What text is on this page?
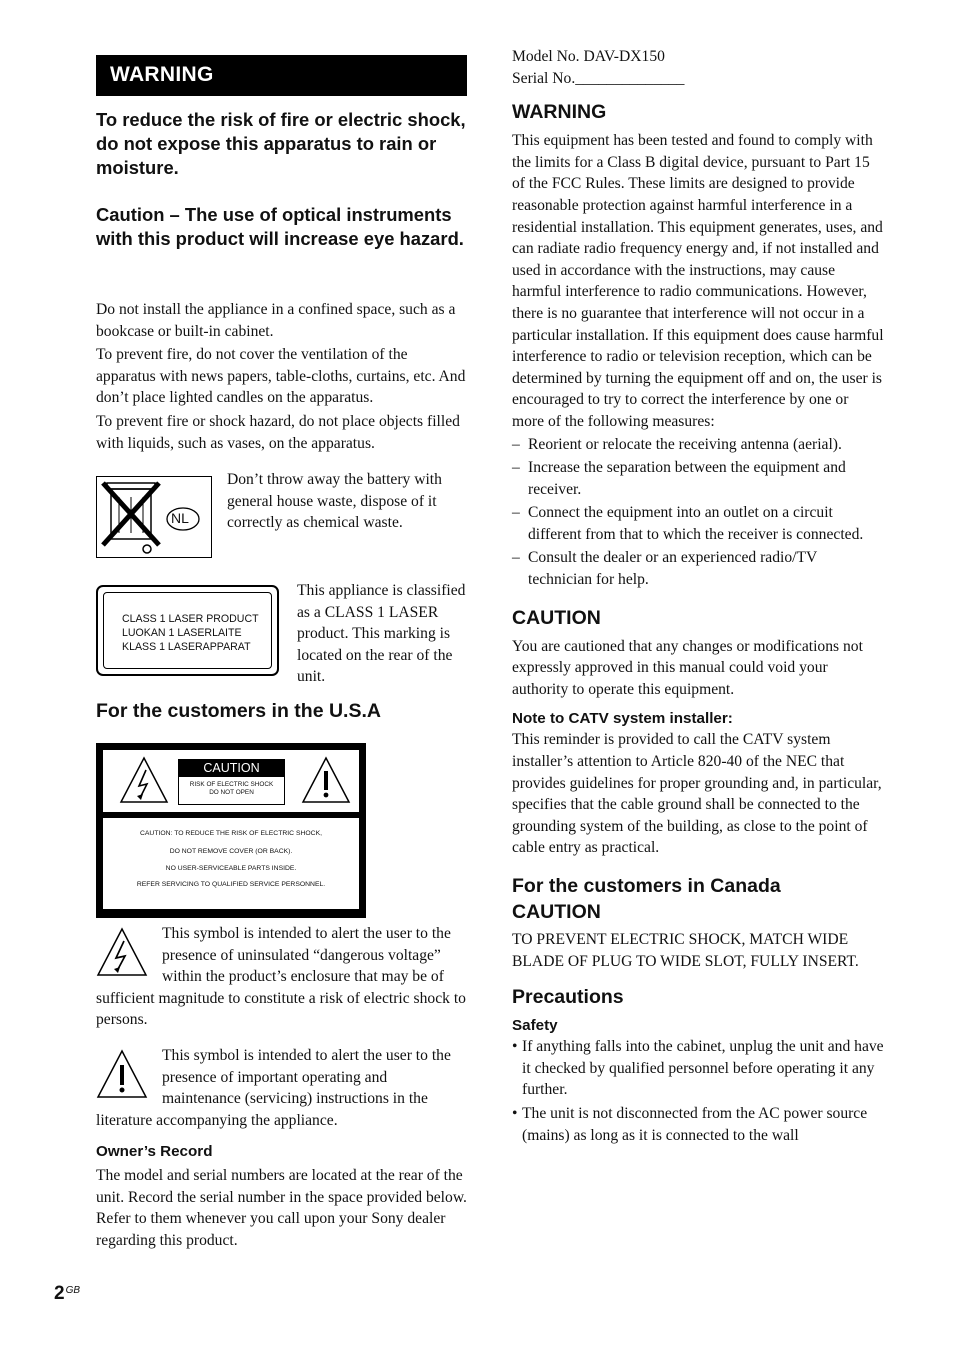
WARNING

To reduce the risk of fire or electric shock, do not expose this apparatus to rain or moisture.

Caution – The use of optical instruments with this product will increase eye hazard.

Do not install the appliance in a confined space, such as a bookcase or built-in cabinet.

To prevent fire, do not cover the ventilation of the apparatus with news papers, table-cloths, curtains, etc. And don’t place lighted candles on the apparatus.

To prevent fire or shock hazard, do not place objects filled with liquids, such as vases, on the apparatus.

NL

Don’t throw away the battery with general house waste, dispose of it correctly as chemical waste.

CLASS 1 LASER PRODUCT
LUOKAN 1 LASERLAITE
KLASS 1 LASERAPPARAT

This appliance is classified as a CLASS 1 LASER product. This marking is located on the rear of the unit.

For the customers in the U.S.A
CAUTION
RISK OF ELECTRIC SHOCK
DO NOT OPEN
CAUTION: TO REDUCE THE RISK OF ELECTRIC SHOCK,
DO NOT REMOVE COVER (OR BACK).
NO USER-SERVICEABLE PARTS INSIDE.
REFER SERVICING TO QUALIFIED SERVICE PERSONNEL.

This symbol is intended to alert the user to the presence of uninsulated “dangerous voltage” within the product’s enclosure that may be of sufficient magnitude to constitute a risk of electric shock to persons.

This symbol is intended to alert the user to the presence of important operating and maintenance (servicing) instructions in the literature accompanying the appliance.

Owner’s Record

The model and serial numbers are located at the rear of the unit. Record the serial number in the space provided below. Refer to them whenever you call upon your Sony dealer regarding this product.

$2^{GB}$

Model No. DAV-DX150

Serial No.______________

WARNING

This equipment has been tested and found to comply with the limits for a Class B digital device, pursuant to Part 15 of the FCC Rules. These limits are designed to provide reasonable protection against harmful interference in a residential installation. This equipment generates, uses, and can radiate radio frequency energy and, if not installed and used in accordance with the instructions, may cause harmful interference to radio communications. However, there is no guarantee that interference will not occur in a particular installation. If this equipment does cause harmful interference to radio or television reception, which can be determined by turning the equipment off and on, the user is encouraged to try to correct the interference by one or more of the following measures:

– Reorient or relocate the receiving antenna (aerial).
– Increase the separation between the equipment and receiver.
– Connect the equipment into an outlet on a circuit different from that to which the receiver is connected.
– Consult the dealer or an experienced radio/TV technician for help.
CAUTION

You are cautioned that any changes or modifications not expressly approved in this manual could void your authority to operate this equipment.

Note to CATV system installer:

This reminder is provided to call the CATV system installer’s attention to Article 820-40 of the NEC that provides guidelines for proper grounding and, in particular, specifies that the cable ground shall be connected to the grounding system of the building, as close to the point of cable entry as practical.

For the customers in Canada
CAUTION

TO PREVENT ELECTRIC SHOCK, MATCH WIDE BLADE OF PLUG TO WIDE SLOT, FULLY INSERT.

Precautions
Safety
• If anything falls into the cabinet, unplug the unit and have it checked by qualified personnel before operating it any further.
• The unit is not disconnected from the AC power source (mains) as long as it is connected to the wall
